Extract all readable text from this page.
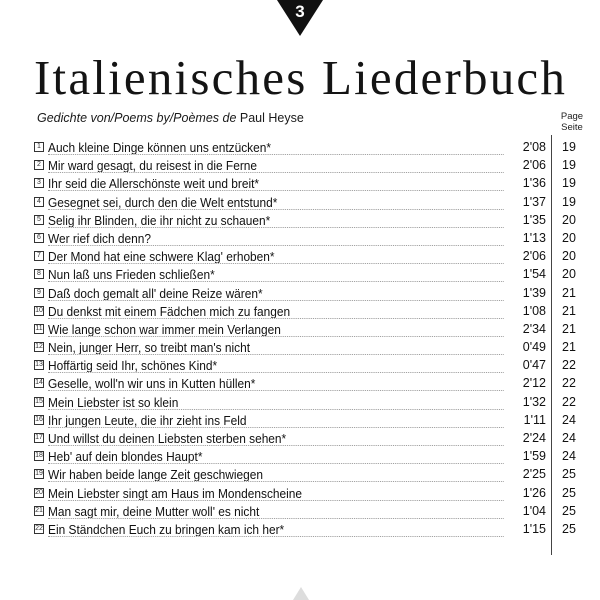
3
Italienisches Liederbuch
Gedichte von/Poems by/Poèmes de Paul Heyse	Page
Seite
1 Auch kleine Dinge können uns entzücken*	2'08	19
2 Mir ward gesagt, du reisest in die Ferne	2'06	19
3 Ihr seid die Allerschönste weit und breit*	1'36	19
4 Gesegnet sei, durch den die Welt entstund*	1'37	19
5 Selig ihr Blinden, die ihr nicht zu schauen*	1'35	20
6 Wer rief dich denn?	1'13	20
7 Der Mond hat eine schwere Klag' erhoben*	2'06	20
8 Nun laß uns Frieden schließen*	1'54	20
9 Daß doch gemalt all' deine Reize wären*	1'39	21
10 Du denkst mit einem Fädchen mich zu fangen	1'08	21
11 Wie lange schon war immer mein Verlangen	2'34	21
12 Nein, junger Herr, so treibt man's nicht	0'49	21
13 Hoffärtig seid Ihr, schönes Kind*	0'47	22
14 Geselle, woll'n wir uns in Kutten hüllen*	2'12	22
15 Mein Liebster ist so klein	1'32	22
16 Ihr jungen Leute, die ihr zieht ins Feld	1'11	24
17 Und willst du deinen Liebsten sterben sehen*	2'24	24
18 Heb' auf dein blondes Haupt*	1'59	24
19 Wir haben beide lange Zeit geschwiegen	2'25	25
20 Mein Liebster singt am Haus im Mondenscheine	1'26	25
21 Man sagt mir, deine Mutter woll' es nicht	1'04	25
22 Ein Ständchen Euch zu bringen kam ich her*	1'15	25
